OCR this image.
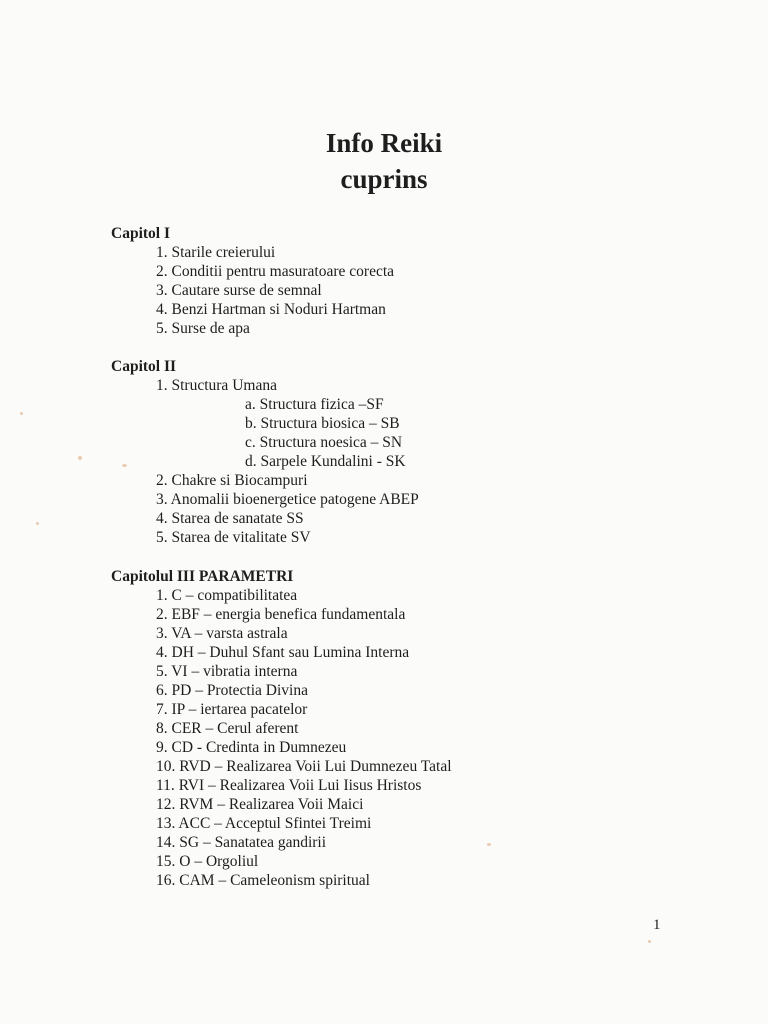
Info Reiki
cuprins
Capitol I
1. Starile creierului
2. Conditii pentru masuratoare corecta
3. Cautare surse de semnal
4. Benzi Hartman si Noduri Hartman
5. Surse de apa
Capitol II
1. Structura Umana
a. Structura fizica –SF
b. Structura biosica – SB
c. Structura noesica – SN
d. Sarpele Kundalini - SK
2. Chakre si Biocampuri
3. Anomalii bioenergetice patogene ABEP
4. Starea de sanatate SS
5. Starea de vitalitate SV
Capitolul III PARAMETRI
1. C – compatibilitatea
2. EBF – energia benefica fundamentala
3. VA – varsta astrala
4. DH – Duhul Sfant sau Lumina Interna
5. VI – vibratia interna
6. PD – Protectia Divina
7. IP – iertarea pacatelor
8. CER – Cerul aferent
9. CD - Credinta in Dumnezeu
10. RVD – Realizarea Voii Lui Dumnezeu Tatal
11. RVI – Realizarea Voii Lui Iisus Hristos
12. RVM – Realizarea Voii Maici
13. ACC – Acceptul Sfintei Treimi
14. SG – Sanatatea gandirii
15. O – Orgoliul
16. CAM – Cameleonism spiritual
1
